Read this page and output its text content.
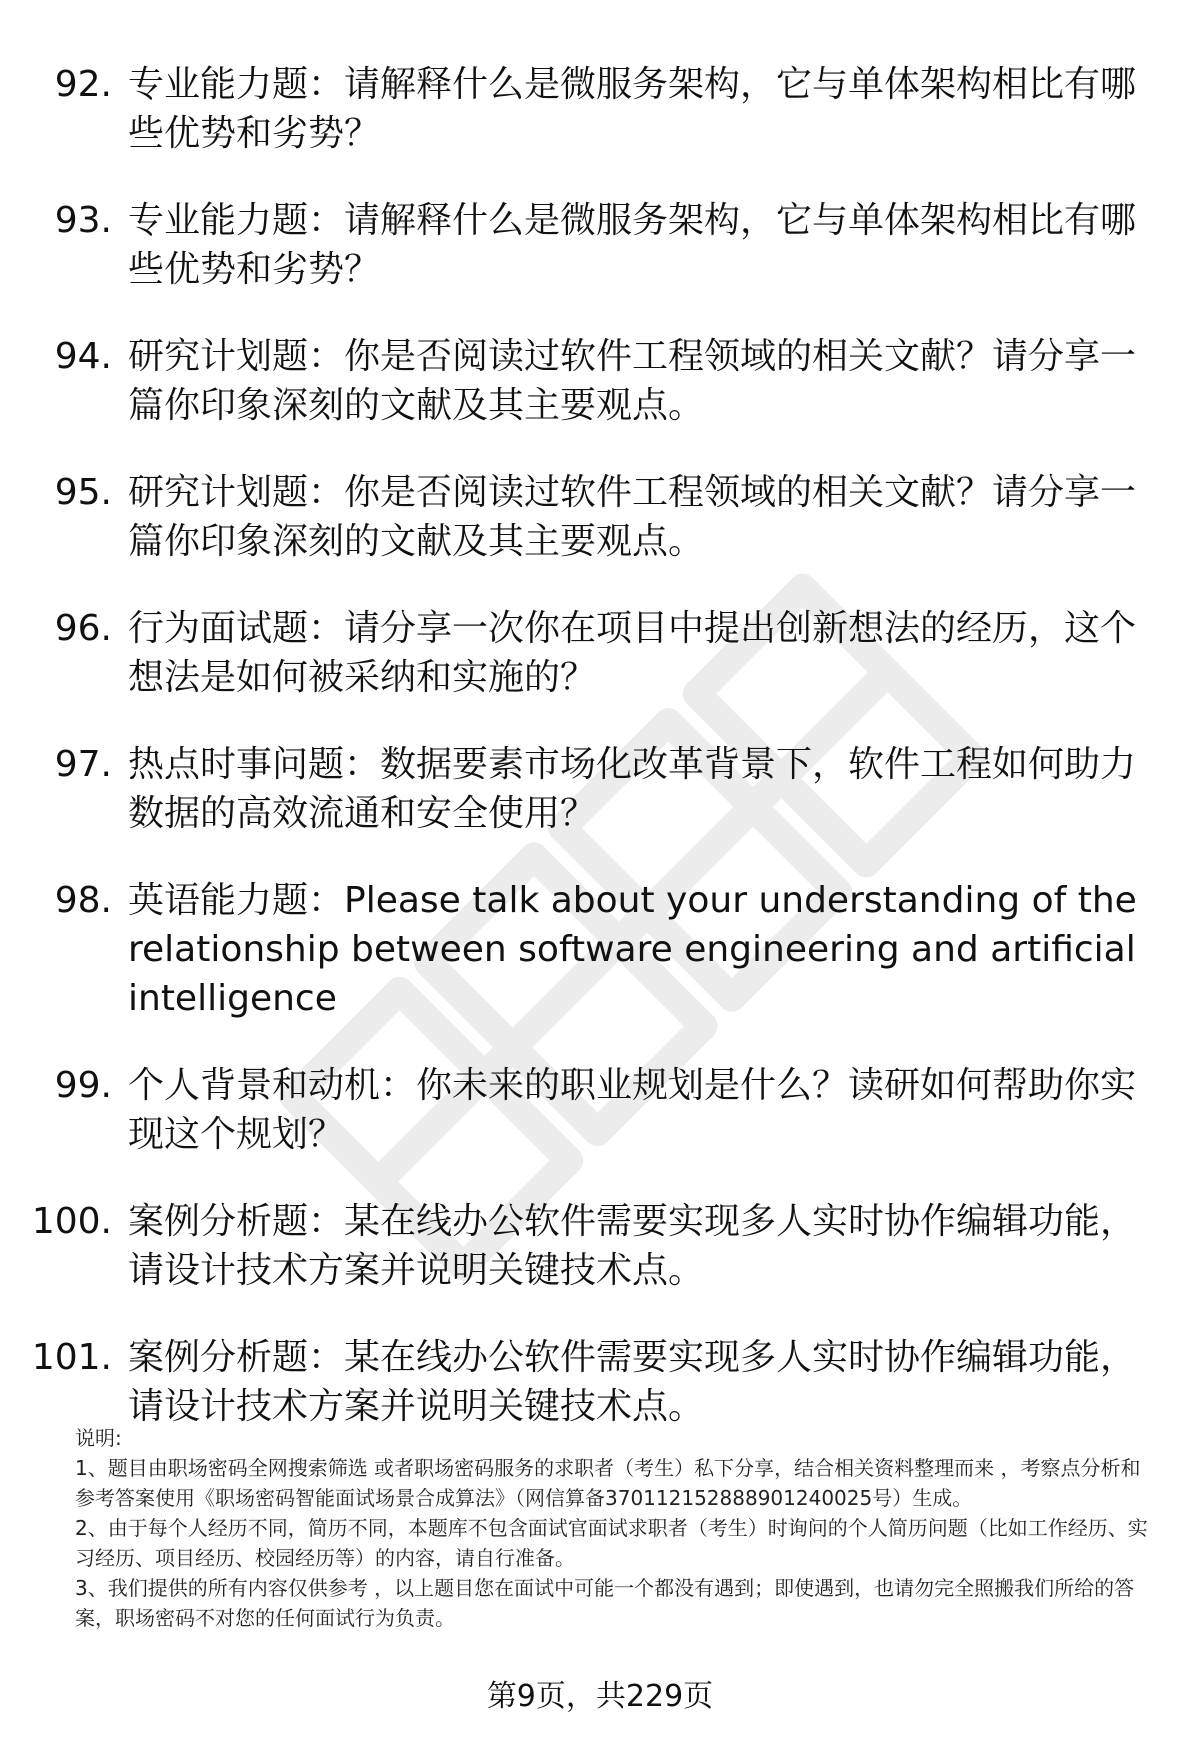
92. 专业能力题：请解释什么是微服务架构，它与单体架构相比有哪些优势和劣势？
93. 专业能力题：请解释什么是微服务架构，它与单体架构相比有哪些优势和劣势？
94. 研究计划题：你是否阅读过软件工程领域的相关文献？请分享一篇你印象深刻的文献及其主要观点。
95. 研究计划题：你是否阅读过软件工程领域的相关文献？请分享一篇你印象深刻的文献及其主要观点。
96. 行为面试题：请分享一次你在项目中提出创新想法的经历，这个想法是如何被采纳和实施的？
97. 热点时事问题：数据要素市场化改革背景下，软件工程如何助力数据的高效流通和安全使用？
98. 英语能力题：Please talk about your understanding of the relationship between software engineering and artificial intelligence
99. 个人背景和动机：你未来的职业规划是什么？读研如何帮助你实现这个规划？
100. 案例分析题：某在线办公软件需要实现多人实时协作编辑功能，请设计技术方案并说明关键技术点。
101. 案例分析题：某在线办公软件需要实现多人实时协作编辑功能，请设计技术方案并说明关键技术点。

说明:

1、题目由职场密码全网搜索筛选 或者职场密码服务的求职者（考生）私下分享，结合相关资料整理而来 ，考察点分析和参考答案使用《职场密码智能面试场景合成算法》（网信算备370112152888901240025号）生成。

2、由于每个人经历不同，简历不同，本题库不包含面试官面试求职者（考生）时询问的个人简历问题（比如工作经历、实习经历、项目经历、校园经历等）的内容，请自行准备。

3、我们提供的所有内容仅供参考 ，以上题目您在面试中可能一个都没有遇到；即使遇到，也请勿完全照搬我们所给的答案，职场密码不对您的任何面试行为负责。

第9页，共229页
